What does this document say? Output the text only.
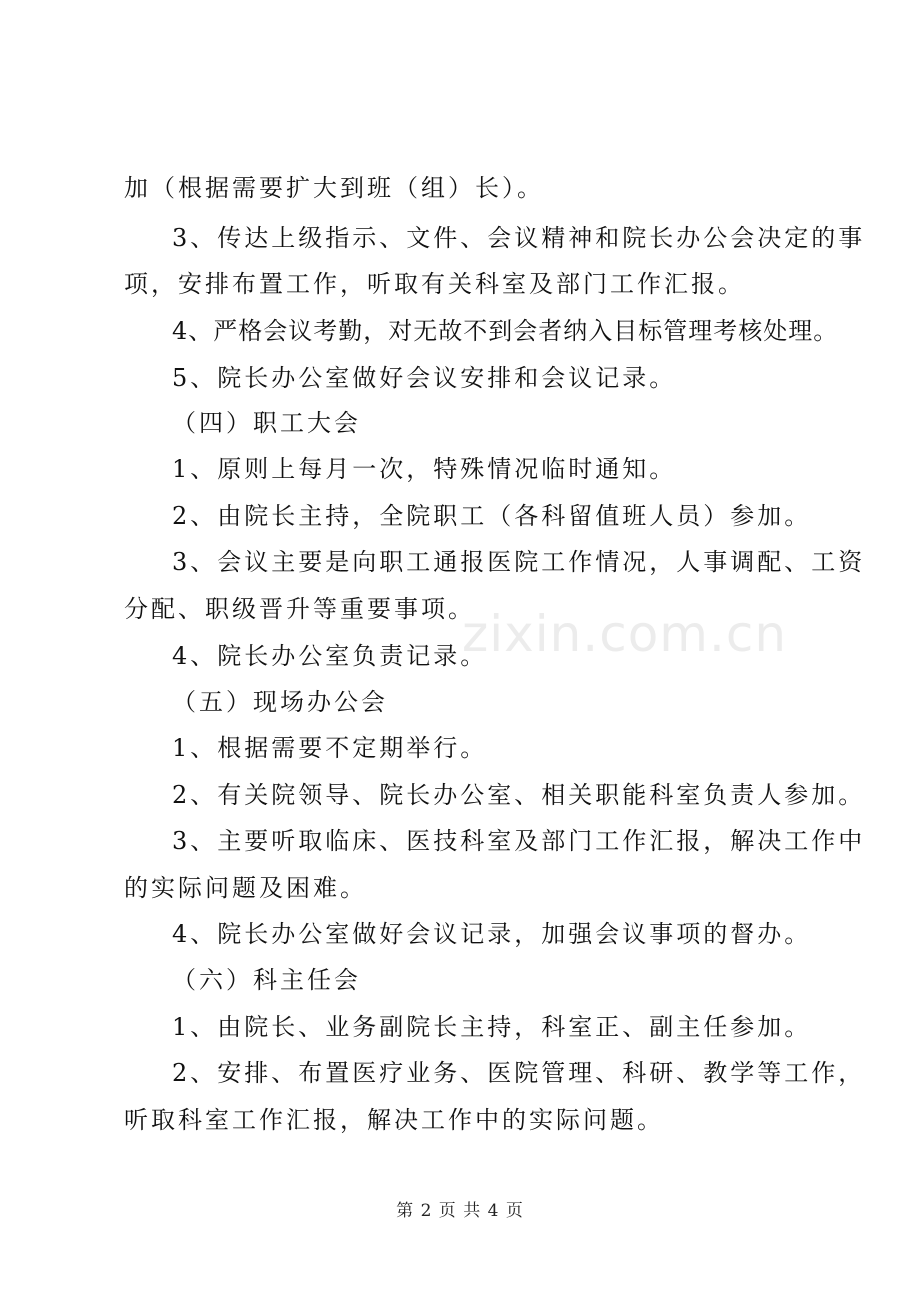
加（根据需要扩大到班（组）长）。
3、传达上级指示、文件、会议精神和院长办公会决定的事
项，安排布置工作，听取有关科室及部门工作汇报。
4、严格会议考勤，对无故不到会者纳入目标管理考核处理。
5、院长办公室做好会议安排和会议记录。
（四）职工大会
1、原则上每月一次，特殊情况临时通知。
2、由院长主持，全院职工（各科留值班人员）参加。
3、会议主要是向职工通报医院工作情况，人事调配、工资
分配、职级晋升等重要事项。
4、院长办公室负责记录。
（五）现场办公会
1、根据需要不定期举行。
2、有关院领导、院长办公室、相关职能科室负责人参加。
3、主要听取临床、医技科室及部门工作汇报，解决工作中
的实际问题及困难。
4、院长办公室做好会议记录，加强会议事项的督办。
（六）科主任会
1、由院长、业务副院长主持，科室正、副主任参加。
2、安排、布置医疗业务、医院管理、科研、教学等工作，
听取科室工作汇报，解决工作中的实际问题。
zixin.com.cn
第 2 页 共 4 页
